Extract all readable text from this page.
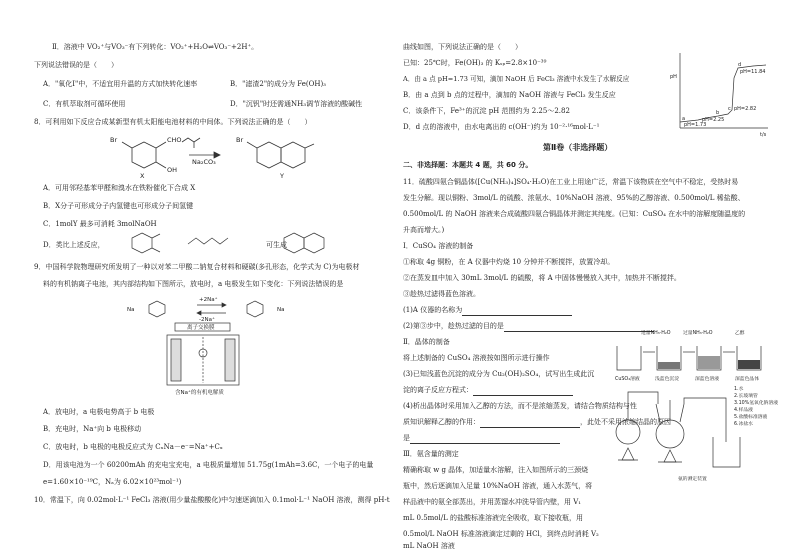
Ⅱ．溶液中 VO₂⁺与VO₃⁻有下列转化：VO₂⁺+H₂O⇌VO₃⁻+2H⁺。
下列说法错误的是（　　）
A．"氧化Ⅰ"中，不适宜用升温的方式加快转化速率	B．"滤渣2"的成分为 Fe(OH)₃
C．有机萃取剂可循环使用	D．"沉钒"时还需通NH₃调节溶液的酸碱性
8．可利用如下反应合成某新型有机太阳能电池材料的中间体。下列说法正确的是（　　）
Br	CHO
OH
X
Na₂CO₃
Br
Y
A．可用邻羟基苯甲醛和溴水在铁粉催化下合成 X
B．X分子可形成分子内氢键也可形成分子间氢键
C．1molY 最多可消耗 3molNaOH
D．类比上述反应，	可生成
9．中国科学院物理研究所发明了一种以对苯二甲酸二钠复合材料和硬碳(多孔形态，化学式为 C)为电极材
料的有机钠离子电池，其内部结构如下图所示，放电时，a 电极发生如下变化：下列说法错误的是
Na	Na
+2Na⁺
-2Na⁺
离子交换膜
含Na⁺的有机电解质
A．放电时，a 电极电势高于 b 电极
B．充电时，Na⁺向 b 电极移动
C．放电时，b 电极的电极反应式为 CₓNa－e⁻=Na⁺+Cₓ
D．用该电池为一个 60200mAh 的充电宝充电，a 电极质量增加 51.75g(1mAh=3.6C，一个电子的电量
e=1.60×10⁻¹⁹C，Nₐ为 6.02×10²³mol⁻¹)
10．常温下，向 0.02mol·L⁻¹ FeCl₃ 溶液(用少量盐酸酸化)中匀速逐滴加入 0.1mol·L⁻¹ NaOH 溶液，测得 pH-t
曲线如图，下列说法正确的是（　　）
已知：25℃时，Fe(OH)₃ 的 Kₛₚ=2.8×10⁻³⁹
A．由 a 点 pH=1.73 可知，滴加 NaOH 后 FeCl₃ 溶液中水发生了水解反应
B．由 a 点到 b 点的过程中，滴加的 NaOH 溶液与 FeCl₃ 发生反应
C．该条件下，Fe³⁺的沉淀 pH 范围约为 2.25～2.82
D．d 点的溶液中，由水电离出的 c(OH⁻)约为 10⁻²·¹⁶mol·L⁻¹
pH
t/s
a
b
c
d
pH=1.73
pH=2.25
pH=2.82
pH=11.84
第Ⅱ卷（非选择题）
二、非选择题：本题共 4 题，共 60 分。
11．硫酸四氨合铜晶体([Cu(NH₃)₄]SO₄·H₂O)在工业上用途广泛，常温下该物质在空气中不稳定，受热时易
发生分解。现以铜粉、3mol/L 的硫酸、浓氨水、10%NaOH 溶液、95%的乙醇溶液、0.500mol/L 稀盐酸、
0.500mol/L 的 NaOH 溶液来合成硫酸四氨合铜晶体并测定其纯度。(已知：CuSO₄ 在水中的溶解度随温度的
升高而增大。)
Ⅰ．CuSO₄ 溶液的制备
①称取 4g 铜粉，在 A 仪器中灼烧 10 分钟并不断搅拌，放置冷却。
②在蒸发皿中加入 30mL 3mol/L 的硫酸，将 A 中固体慢慢放入其中，加热并不断搅拌。
③趁热过滤得蓝色溶液。
(1)A 仪器的名称为
(2)第③步中，趁热过滤的目的是
Ⅱ．晶体的制备
将上述制备的 CuSO₄ 溶液按如图所示进行操作
(3)已知浅蓝色沉淀的成分为 Cu₂(OH)₂SO₄，试写出生成此沉
淀的离子反应方程式：
(4)析出晶体时采用加入乙醇的方法，而不是浓缩蒸发，请结合物质结构与性
质知识解释乙醇的作用：	，此处不采用浓缩结晶的原因
是
适量NH₃·H₂O	过量NH₃·H₂O	乙醇
CuSO₄溶液	浅蓝色沉淀	深蓝色溶液	深蓝色晶体
Ⅲ．氨含量的测定
精确称取 w g 晶体，加适量水溶解，注入如图所示的三颈烧
瓶中，然后逐滴加入足量 10%NaOH 溶液，通入水蒸气，将
样品液中的氨全部蒸出，并用蒸馏水冲洗导管内壁，用 V₁
mL 0.5mol/L 的盐酸标准溶液完全吸收，取下接收瓶，用
0.5mol/L NaOH 标准溶液滴定过剩的 HCl，到终点时消耗 V₂
mL NaOH 溶液
1.水
2.长玻璃管
3.10%氢氧化钠溶液
4.样品液
5.盐酸标准溶液
6.冰盐水
氨的测定装置
